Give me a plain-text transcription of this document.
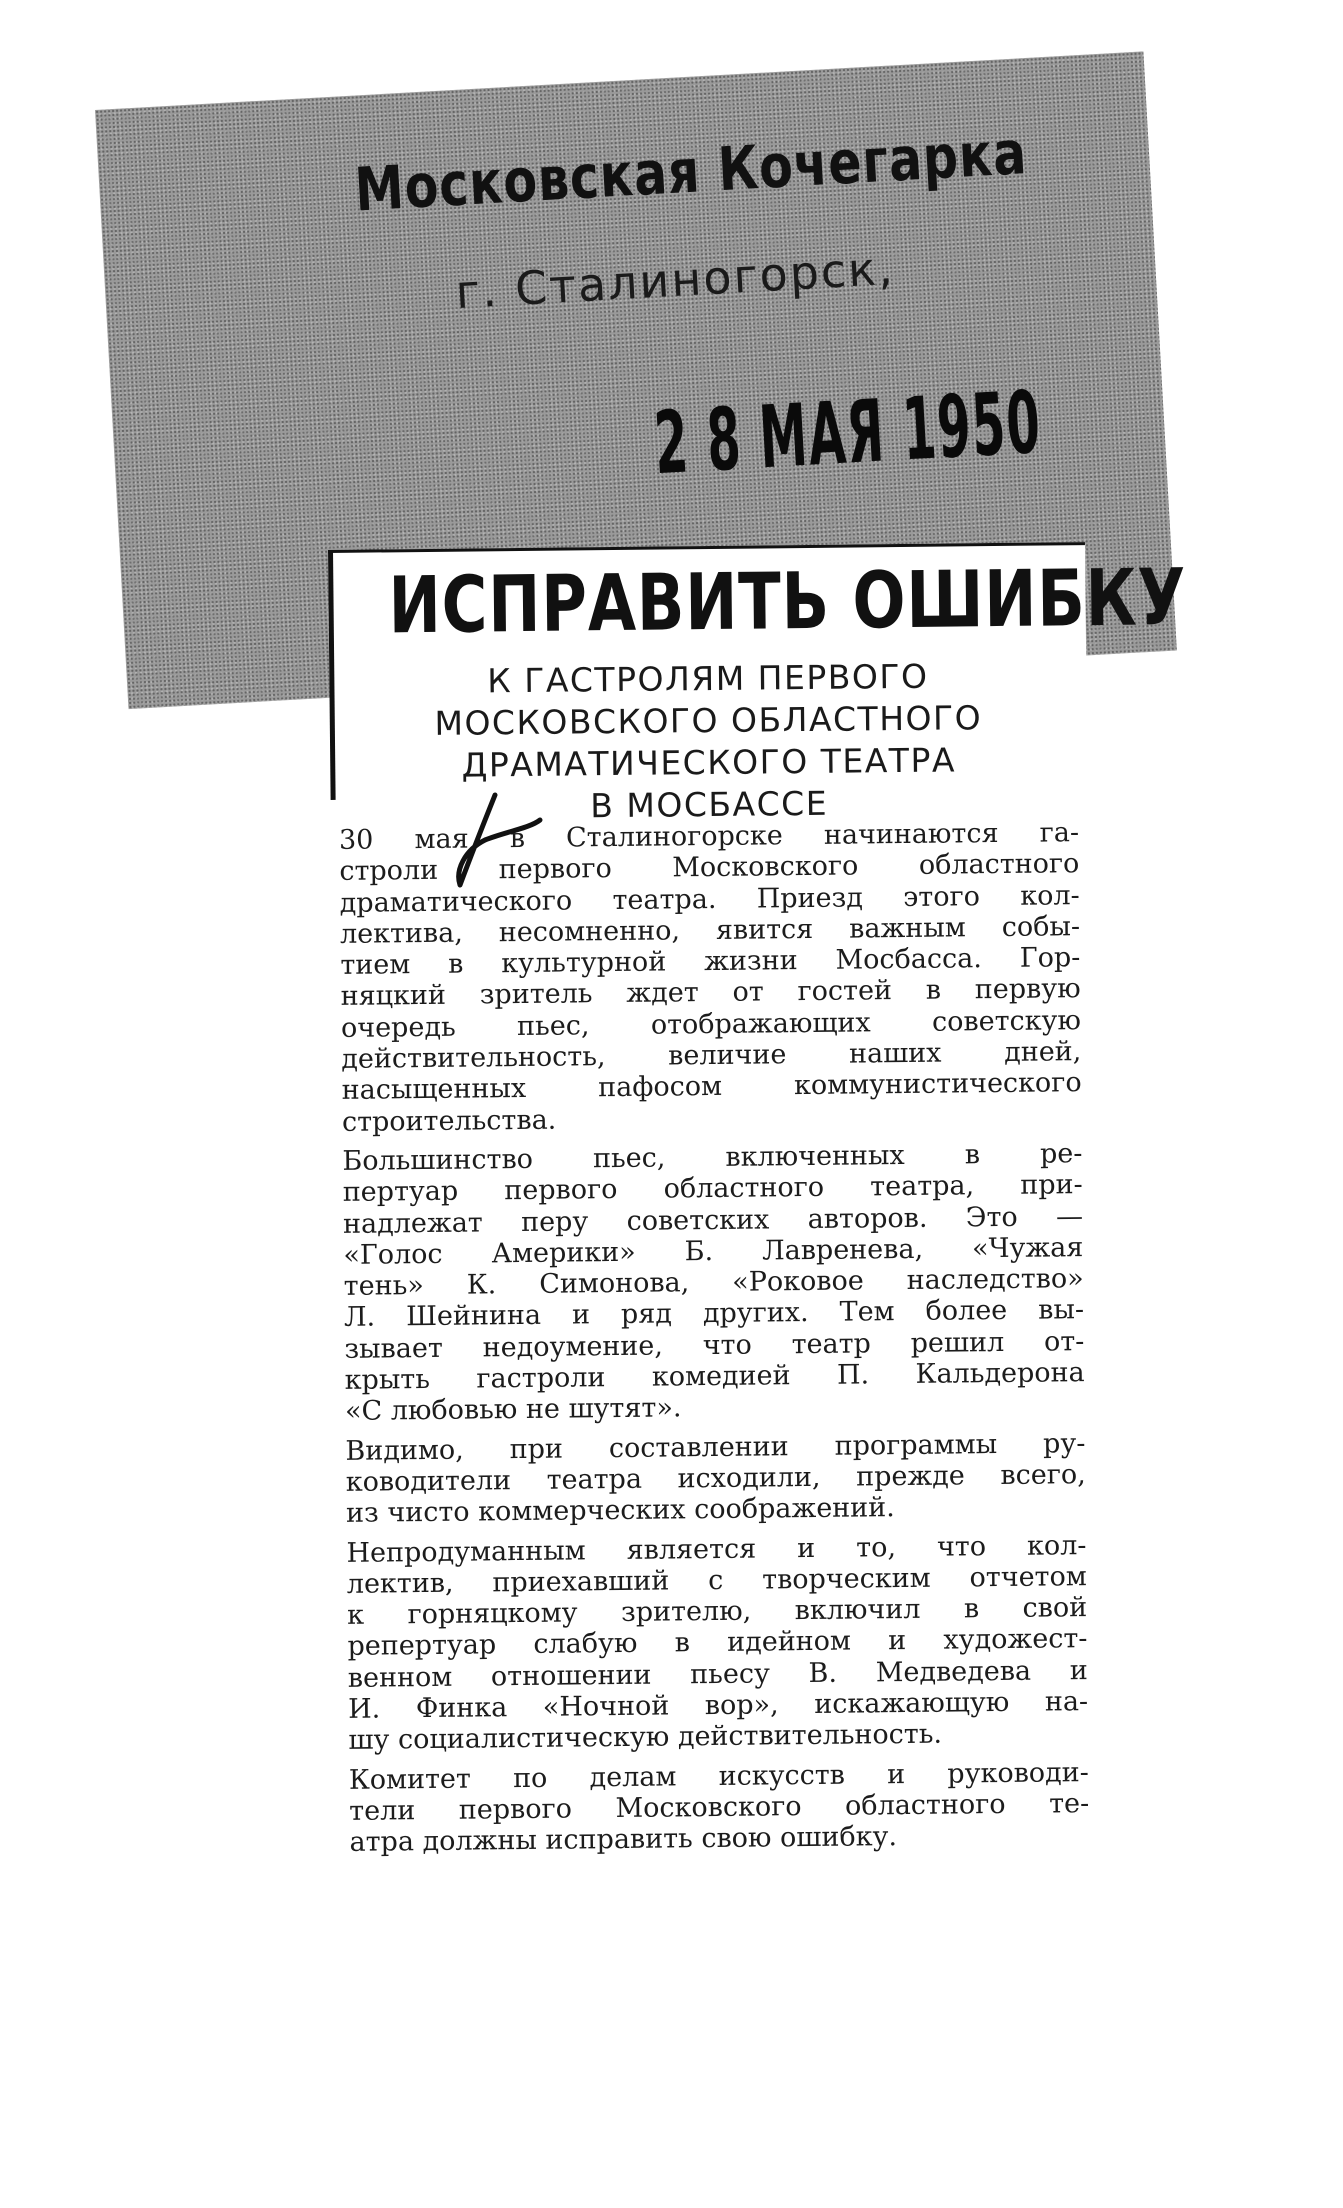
Московская Кочегарка
г. Сталиногорск,
2 8 МАЯ 1950
ИСПРАВИТЬ ОШИБКУ
К ГАСТРОЛЯМ ПЕРВОГО
МОСКОВСКОГО ОБЛАСТНОГО
ДРАМАТИЧЕСКОГО ТЕАТРА
В МОСБАССЕ
30 мая в Сталиногорске начинаются га-
строли первого Московского областного
драматического театра. Приезд этого кол-
лектива, несомненно, явится важным собы-
тием в культурной жизни Мосбасса. Гор-
няцкий зритель ждет от гостей в первую
очередь пьес, отображающих советскую
действительность, величие наших дней,
насыщенных пафосом коммунистического
строительства.
Большинство пьес, включенных в ре-
пертуар первого областного театра, при-
надлежат перу советских авторов. Это —
«Голос Америки» Б. Лавренева, «Чужая
тень» К. Симонова, «Роковое наследство»
Л. Шейнина и ряд других. Тем более вы-
зывает недоумение, что театр решил от-
крыть гастроли комедией П. Кальдерона
«С любовью не шутят».
Видимо, при составлении программы ру-
ководители театра исходили, прежде всего,
из чисто коммерческих соображений.
Непродуманным является и то, что кол-
лектив, приехавший с творческим отчетом
к горняцкому зрителю, включил в свой
репертуар слабую в идейном и художест-
венном отношении пьесу В. Медведева и
И. Финка «Ночной вор», искажающую на-
шу социалистическую действительность.
Комитет по делам искусств и руководи-
тели первого Московского областного те-
атра должны исправить свою ошибку.
